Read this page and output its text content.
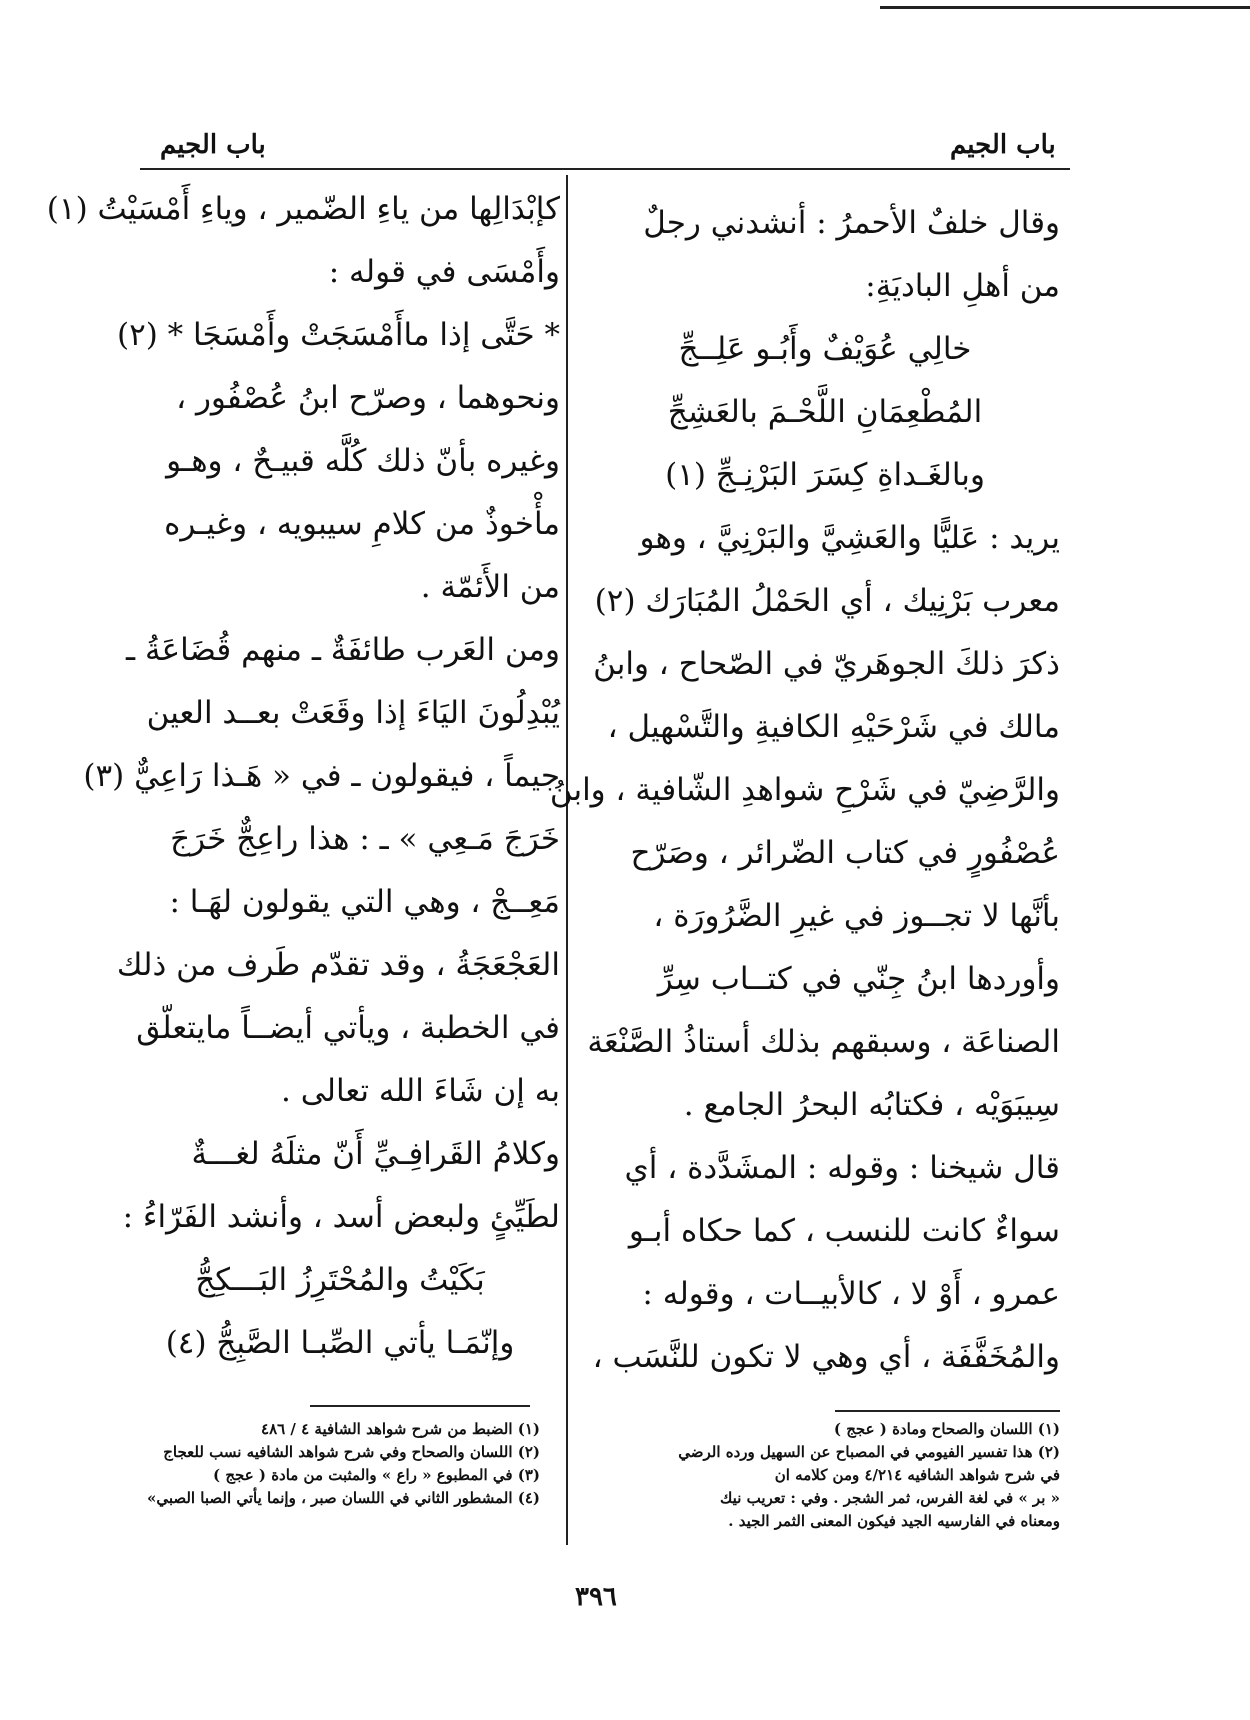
باب الجيم	باب الجيم
وقال خلفٌ الأحمرُ : أنشدني رجلٌ
من أهلِ الباديَةِ:
خالِي عُوَيْفٌ وأَبُـو عَلِــجِّ
المُطْعِمَانِ اللَّحْـمَ بالعَشِجِّ
وبالغَـداةِ كِسَرَ البَرْنِـجِّ (١)
يريد : عَليًّا والعَشِيَّ والبَرْنِيَّ ، وهو
معرب بَرْنِيك ، أي الحَمْلُ المُبَارَك (٢)
ذكرَ ذلكَ الجوهَريّ في الصّحاح ، وابنُ
مالك في شَرْحَيْهِ الكافيةِ والتَّسْهيل ،
والرَّضِيّ في شَرْحِ شواهدِ الشّافية ، وابنُ
عُصْفُورٍ في كتاب الضّرائر ، وصَرّح
بأنَّها لا تجــوز في غيرِ الضَّرُورَة ،
وأوردها ابنُ جِنّي في كتــاب سِرِّ
الصناعَة ، وسبقهم بذلك أستاذُ الصَّنْعَة
سِيبَوَيْه ، فكتابُه البحرُ الجامع .
قال شيخنا : وقوله : المشَدَّدة ، أي
سواءٌ كانت للنسب ، كما حكاه أبـو
عمرو ، أَوْ لا ، كالأبيــات ، وقوله :
والمُخَفَّفَة ، أي وهي لا تكون للنَّسَب ،
كإبْدَالِها من ياءِ الضّمير ، وياءِ أَمْسَيْتُ (١)
وأَمْسَى في قوله :
* حَتَّى إذا ماأَمْسَجَتْ وأَمْسَجَا * (٢)
ونحوهما ، وصرّح ابنُ عُصْفُور ،
وغيره بأنّ ذلك كُلَّه قبيـحٌ ، وهـو
مأْخوذٌ من كلامِ سيبويه ، وغيـره
من الأَئمّة .
ومن العَرب طائفَةٌ ـ منهم قُضَاعَةُ ـ
يُبْدِلُونَ اليَاءَ إذا وقَعَتْ بعــد العين
جيماً ، فيقولون ـ في « هَـذا رَاعِيٌّ (٣)
خَرَجَ مَـعِي » ـ : هذا راعِجٌّ خَرَجَ
مَعِــجْ ، وهي التي يقولون لهَـا :
العَجْعَجَةُ ، وقد تقدّم طَرف من ذلك
في الخطبة ، ويأتي أيضــاً مايتعلّق
به إن شَاءَ الله تعالى .
وكلامُ القَرافِـيِّ أَنّ مثلَهُ لغـــةٌ
لطَيِّئٍ ولبعض أسد ، وأنشد الفَرّاءُ :
بَكَيْتُ والمُحْتَرِزُ البَـــكِجُّ
وإنّمَـا يأتي الصِّبـا الصَّبِجُّ (٤)
(١) اللسان والصحاح ومادة ( عجج )
(٢) هذا تفسير الفيومي في المصباح عن السهيل ورده الرضي
في شرح شواهد الشافيه ٤/٢١٤ ومن كلامه ان
« بر » في لغة الفرس، ثمر الشجر . وفي : تعريب نيك
ومعناه في الفارسيه الجيد فيكون المعنى الثمر الجيد .
(١) الضبط من شرح شواهد الشافية ٤ / ٤٨٦
(٢) اللسان والصحاح وفي شرح شواهد الشافيه نسب للعجاج
(٣) في المطبوع « راع » والمثبت من مادة ( عجج )
(٤) المشطور الثاني في اللسان صبر ، وإنما يأتي الصبا الصبي»
٣٩٦
